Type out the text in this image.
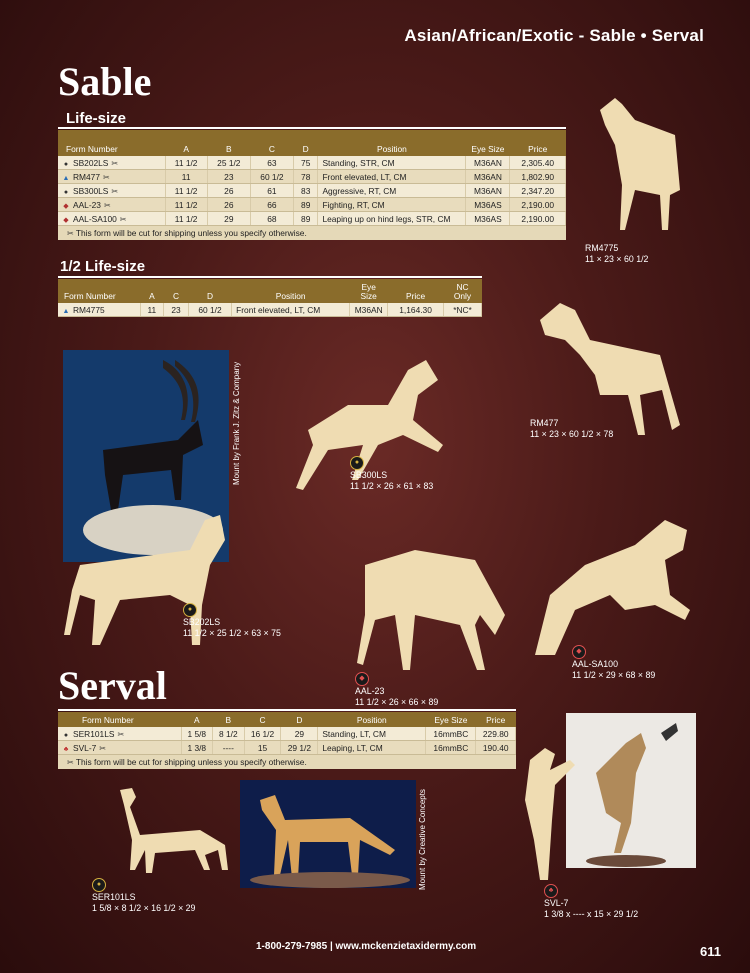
Asian/African/Exotic - Sable • Serval
Sable
Life-size
Form Number	A	B	C	D	Position	Eye Size	Price
● SB202LS ✂	11 1/2	25 1/2	63	75	Standing, STR, CM	M36AN	2,305.40
▲ RM477 ✂	11	23	60 1/2	78	Front elevated, LT, CM	M36AN	1,802.90
● SB300LS ✂	11 1/2	26	61	83	Aggressive, RT, CM	M36AN	2,347.20
◆ AAL-23 ✂	11 1/2	26	66	89	Fighting, RT, CM	M36AS	2,190.00
◆ AAL-SA100 ✂	11 1/2	29	68	89	Leaping up on hind legs, STR, CM	M36AS	2,190.00
✂ This form will be cut for shipping unless you specify otherwise.
1/2 Life-size
Form Number	A	C	D	Position	Eye Size	Price	NC Only
▲ RM4775	11	23	60 1/2	Front elevated, LT, CM	M36AN	1,164.30	*NC*
RM4775
11 × 23 × 60 1/2
Mount by Frank J. Zitz & Company
●
SB202LS
11 1/2 × 25 1/2 × 63 × 75
●
SB300LS
11 1/2 × 26 × 61 × 83
RM477
11 × 23 × 60 1/2 × 78
◆
AAL-23
11 1/2 × 26 × 66 × 89
◆
AAL-SA100
11 1/2 × 29 × 68 × 89
Serval
Form Number	A	B	C	D	Position	Eye Size	Price
● SER101LS ✂	1 5/8	8 1/2	16 1/2	29	Standing, LT, CM	16mmBC	229.80
♣ SVL-7 ✂	1 3/8	----	15	29 1/2	Leaping, LT, CM	16mmBC	190.40
✂ This form will be cut for shipping unless you specify otherwise.
●
SER101LS
1 5/8 × 8 1/2 × 16 1/2 × 29
Mount by Creative Concepts
♣
SVL-7
1 3/8 x ---- x 15 × 29 1/2
1-800-279-7985 | www.mckenzietaxidermy.com	611
